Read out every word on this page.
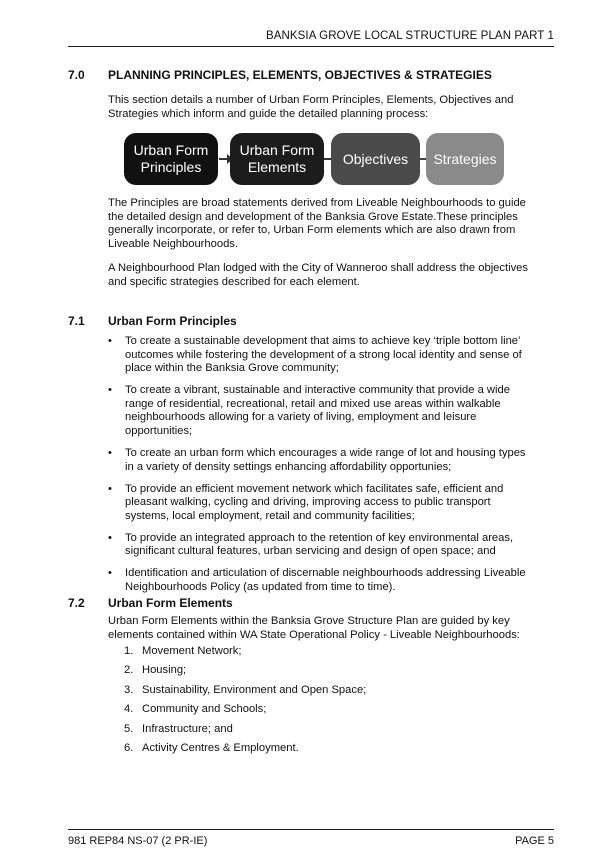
BANKSIA GROVE LOCAL STRUCTURE PLAN PART 1
7.0 PLANNING PRINCIPLES, ELEMENTS, OBJECTIVES & STRATEGIES

This section details a number of Urban Form Principles, Elements, Objectives and Strategies which inform and guide the detailed planning process:

Urban Form
Principles
Urban Form
Elements
Objectives Strategies

The Principles are broad statements derived from Liveable Neighbourhoods to guide the detailed design and development of the Banksia Grove Estate.These principles generally incorporate, or refer to, Urban Form elements which are also drawn from Liveable Neighbourhoods.

A Neighbourhood Plan lodged with the City of Wanneroo shall address the objectives and specific strategies described for each element.

7.1 Urban Form Principles
• To create a sustainable development that aims to achieve key ‘triple bottom line’ outcomes while fostering the development of a strong local identity and sense of place within the Banksia Grove community;
• To create a vibrant, sustainable and interactive community that provide a wide range of residential, recreational, retail and mixed use areas within walkable neighbourhoods allowing for a variety of living, employment and leisure opportunities;
• To create an urban form which encourages a wide range of lot and housing types in a variety of density settings enhancing affordability opportunies;
• To provide an efficient movement network which facilitates safe, efficient and pleasant walking, cycling and driving, improving access to public transport systems, local employment, retail and community facilities;
• To provide an integrated approach to the retention of key environmental areas, significant cultural features, urban servicing and design of open space; and
• Identification and articulation of discernable neighbourhoods addressing Liveable Neighbourhoods Policy (as updated from time to time).
7.2 Urban Form Elements

Urban Form Elements within the Banksia Grove Structure Plan are guided by key elements contained within WA State Operational Policy - Liveable Neighbourhoods:

1. Movement Network;
2. Housing;
3. Sustainability, Environment and Open Space;
4. Community and Schools;
5. Infrastructure; and
6. Activity Centres & Employment.
981 REP84 NS-07 (2 PR-IE)	PAGE 5
